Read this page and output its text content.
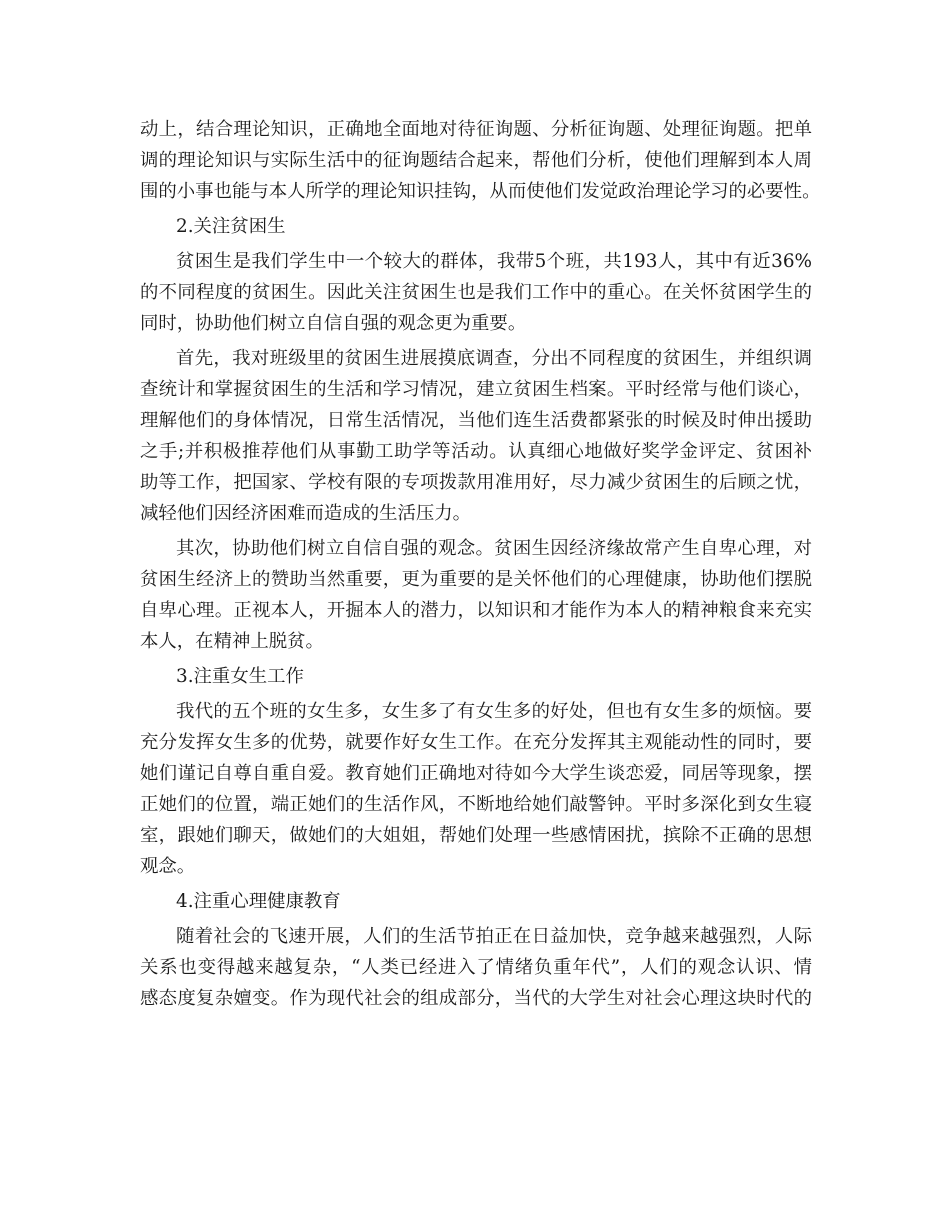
动上，结合理论知识，正确地全面地对待征询题、分析征询题、处理征询题。把单
调的理论知识与实际生活中的征询题结合起来，帮他们分析，使他们理解到本人周
围的小事也能与本人所学的理论知识挂钩，从而使他们发觉政治理论学习的必要性。
2.关注贫困生
贫困生是我们学生中一个较大的群体，我带5个班，共193人，其中有近36%
的不同程度的贫困生。因此关注贫困生也是我们工作中的重心。在关怀贫困学生的
同时，协助他们树立自信自强的观念更为重要。
首先，我对班级里的贫困生进展摸底调查，分出不同程度的贫困生，并组织调
查统计和掌握贫困生的生活和学习情况，建立贫困生档案。平时经常与他们谈心，
理解他们的身体情况，日常生活情况，当他们连生活费都紧张的时候及时伸出援助
之手;并积极推荐他们从事勤工助学等活动。认真细心地做好奖学金评定、贫困补
助等工作，把国家、学校有限的专项拨款用准用好，尽力减少贫困生的后顾之忧，
减轻他们因经济困难而造成的生活压力。
其次，协助他们树立自信自强的观念。贫困生因经济缘故常产生自卑心理，对
贫困生经济上的赞助当然重要，更为重要的是关怀他们的心理健康，协助他们摆脱
自卑心理。正视本人，开掘本人的潜力，以知识和才能作为本人的精神粮食来充实
本人，在精神上脱贫。
3.注重女生工作
我代的五个班的女生多，女生多了有女生多的好处，但也有女生多的烦恼。要
充分发挥女生多的优势，就要作好女生工作。在充分发挥其主观能动性的同时，要
她们谨记自尊自重自爱。教育她们正确地对待如今大学生谈恋爱，同居等现象，摆
正她们的位置，端正她们的生活作风，不断地给她们敲警钟。平时多深化到女生寝
室，跟她们聊天，做她们的大姐姐，帮她们处理一些感情困扰，摈除不正确的思想
观念。
4.注重心理健康教育
随着社会的飞速开展，人们的生活节拍正在日益加快，竞争越来越强烈，人际
关系也变得越来越复杂，“人类已经进入了情绪负重年代”，人们的观念认识、情
感态度复杂嬗变。作为现代社会的组成部分，当代的大学生对社会心理这块时代的
